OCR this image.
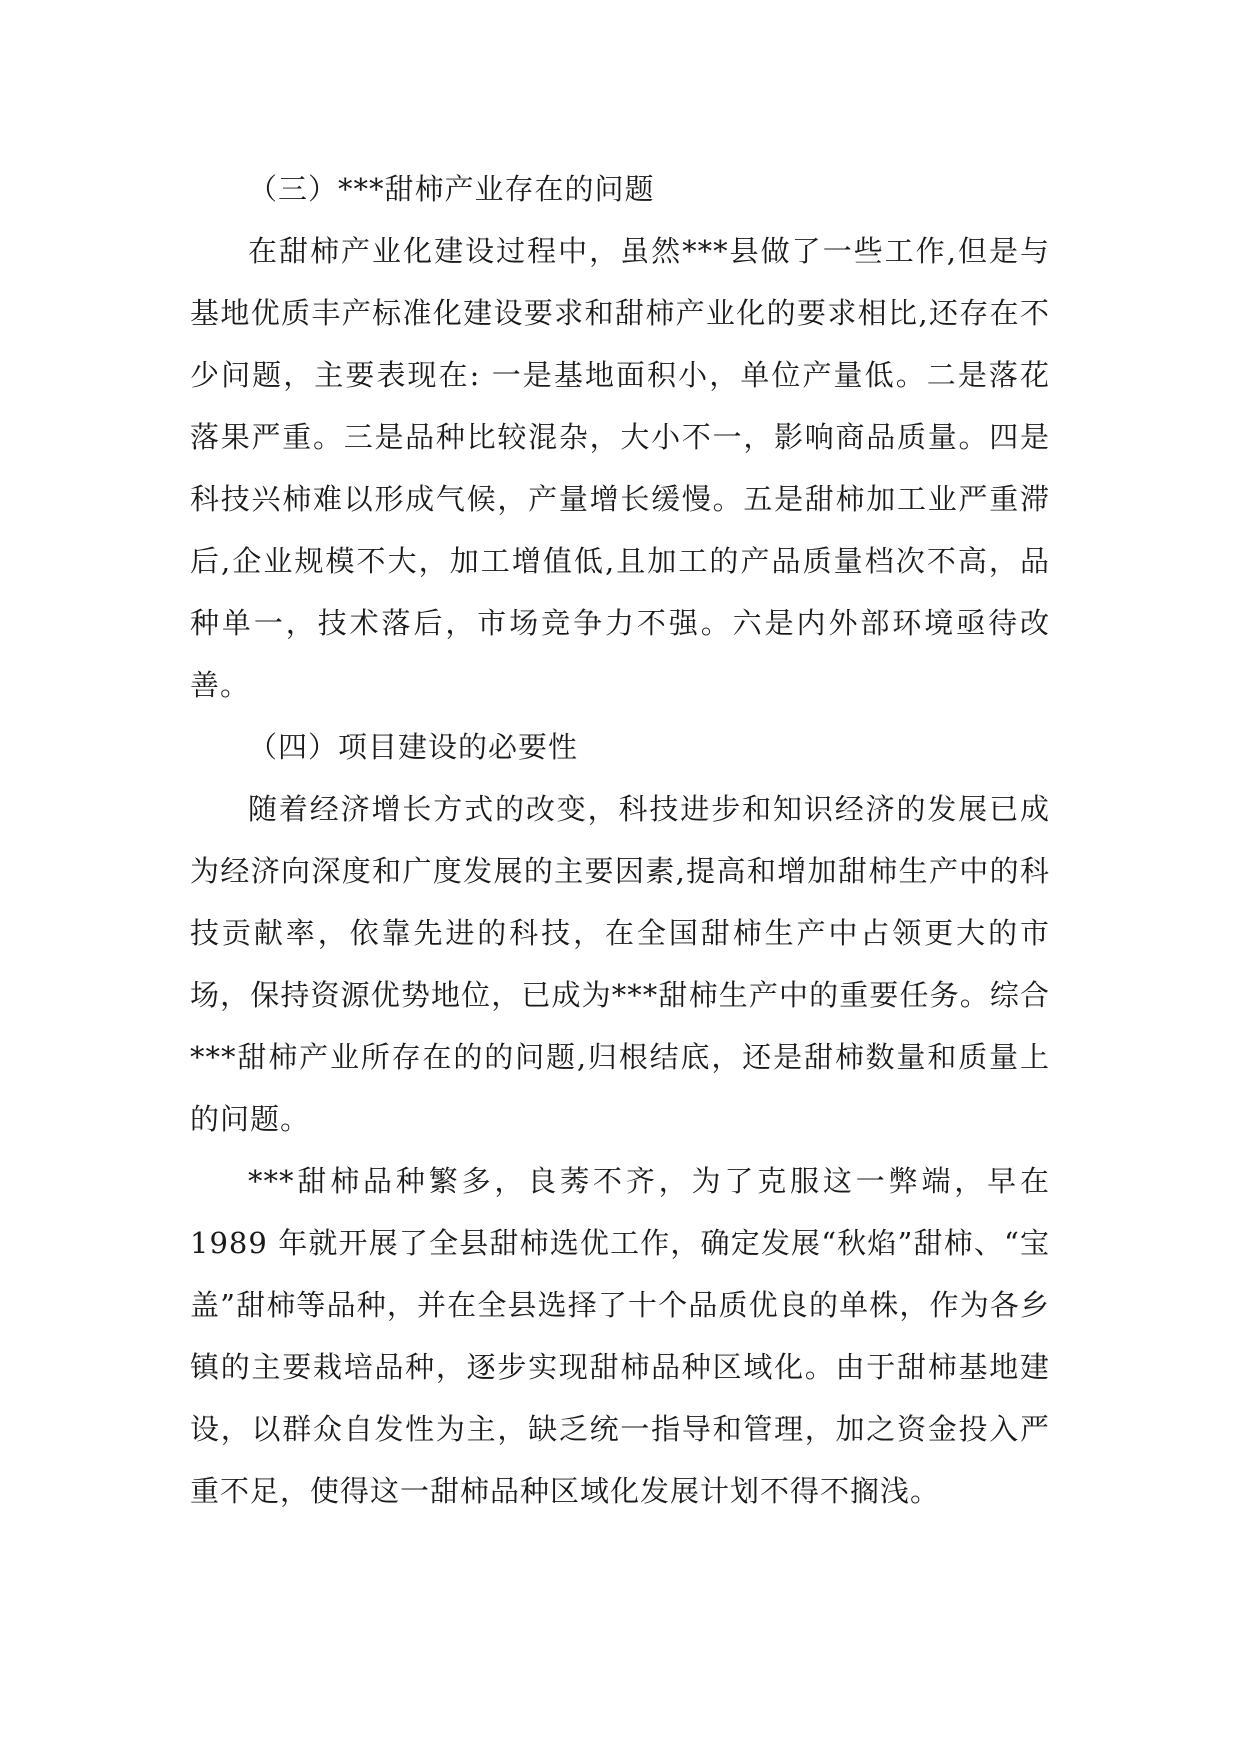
（三）***甜柿产业存在的问题

在甜柿产业化建设过程中，虽然***县做了一些工作,但是与基地优质丰产标准化建设要求和甜柿产业化的要求相比,还存在不少问题，主要表现在: 一是基地面积小，单位产量低。二是落花落果严重。三是品种比较混杂，大小不一，影响商品质量。四是科技兴柿难以形成气候，产量增长缓慢。五是甜柿加工业严重滞后,企业规模不大，加工增值低,且加工的产品质量档次不高，品种单一，技术落后，市场竞争力不强。六是内外部环境亟待改善。

（四）项目建设的必要性

随着经济增长方式的改变，科技进步和知识经济的发展已成为经济向深度和广度发展的主要因素,提高和增加甜柿生产中的科技贡献率，依靠先进的科技，在全国甜柿生产中占领更大的市场，保持资源优势地位，已成为***甜柿生产中的重要任务。综合***甜柿产业所存在的的问题,归根结底，还是甜柿数量和质量上的问题。

***甜柿品种繁多，良莠不齐，为了克服这一弊端，早在 1989 年就开展了全县甜柿选优工作，确定发展“秋焰”甜柿、“宝盖”甜柿等品种，并在全县选择了十个品质优良的单株，作为各乡镇的主要栽培品种，逐步实现甜柿品种区域化。由于甜柿基地建设，以群众自发性为主，缺乏统一指导和管理，加之资金投入严重不足，使得这一甜柿品种区域化发展计划不得不搁浅。
